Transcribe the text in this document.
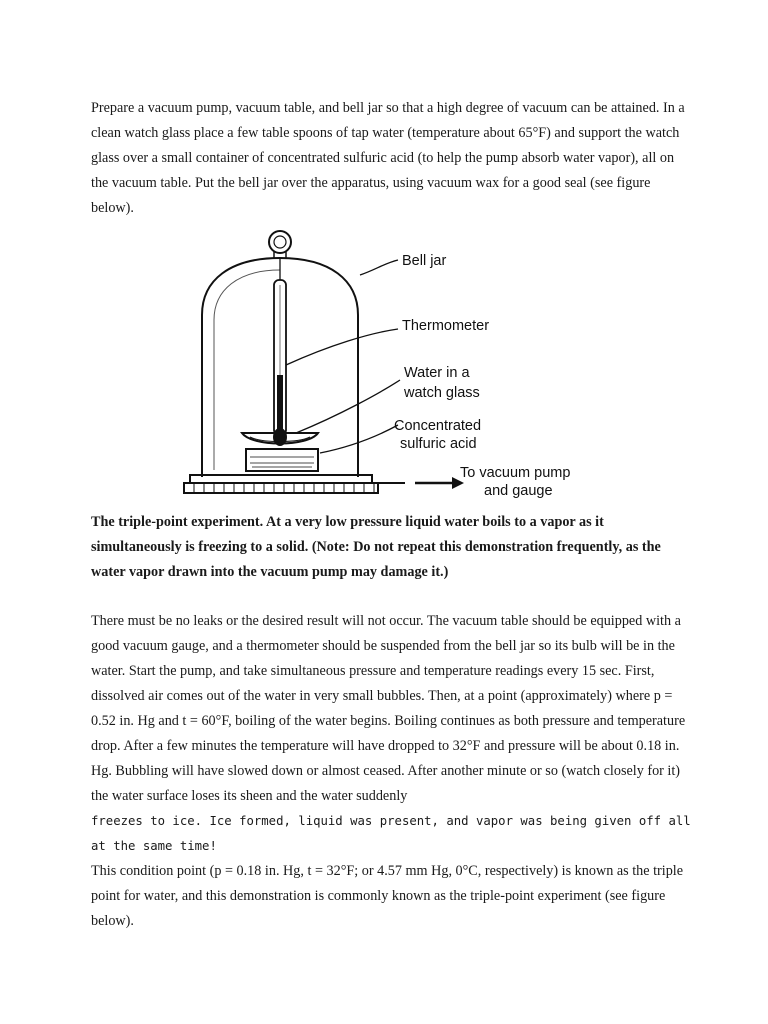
Prepare a vacuum pump, vacuum table, and bell jar so that a high degree of vacuum can be attained. In a clean watch glass place a few table spoons of tap water (temperature about 65°F) and support the watch glass over a small container of concentrated sulfuric acid (to help the pump absorb water vapor), all on the vacuum table. Put the bell jar over the apparatus, using vacuum wax for a good seal (see figure below).

Bell jar
Thermometer
Water in a
watch glass
Concentrated
sulfuric acid
To vacuum pump
and gauge

The triple-point experiment. At a very low pressure liquid water boils to a vapor as it simultaneously is freezing to a solid. (Note: Do not repeat this demonstration frequently, as the water vapor drawn into the vacuum pump may damage it.)

There must be no leaks or the desired result will not occur. The vacuum table should be equipped with a good vacuum gauge, and a thermometer should be suspended from the bell jar so its bulb will be in the water. Start the pump, and take simultaneous pressure and temperature readings every 15 sec. First, dissolved air comes out of the water in very small bubbles. Then, at a point (approximately) where p = 0.52 in. Hg and t = 60°F, boiling of the water begins. Boiling continues as both pressure and temperature drop. After a few minutes the temperature will have dropped to 32°F and pressure will be about 0.18 in. Hg. Bubbling will have slowed down or almost ceased. After another minute or so (watch closely for it) the water surface loses its sheen and the water suddenly
freezes to ice. Ice formed, liquid was present, and vapor was being given off all at the same time!
This condition point (p = 0.18 in. Hg, t = 32°F; or 4.57 mm Hg, 0°C, respectively) is known as the triple point for water, and this demonstration is commonly known as the triple-point experiment (see figure below).
